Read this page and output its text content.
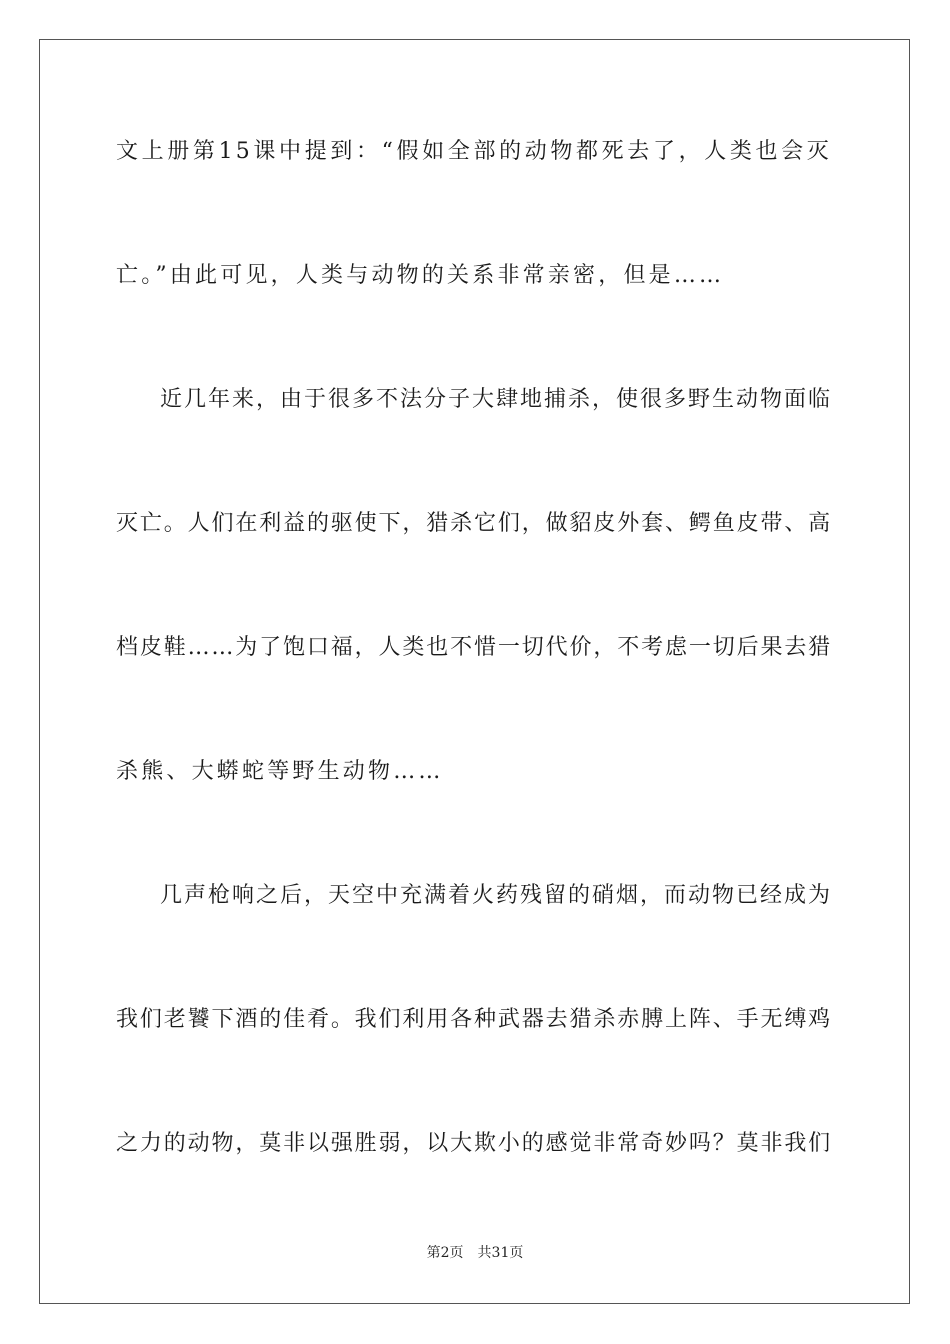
文上册第15课中提到：“假如全部的动物都死去了，人类也会灭
亡。”由此可见，人类与动物的关系非常亲密，但是……
近几年来，由于很多不法分子大肆地捕杀，使很多野生动物面临
灭亡。人们在利益的驱使下，猎杀它们，做貂皮外套、鳄鱼皮带、高
档皮鞋……为了饱口福，人类也不惜一切代价，不考虑一切后果去猎
杀熊、大蟒蛇等野生动物……
几声枪响之后，天空中充满着火药残留的硝烟，而动物已经成为
我们老饕下酒的佳肴。我们利用各种武器去猎杀赤膊上阵、手无缚鸡
之力的动物，莫非以强胜弱，以大欺小的感觉非常奇妙吗？莫非我们
第2页 共31页
